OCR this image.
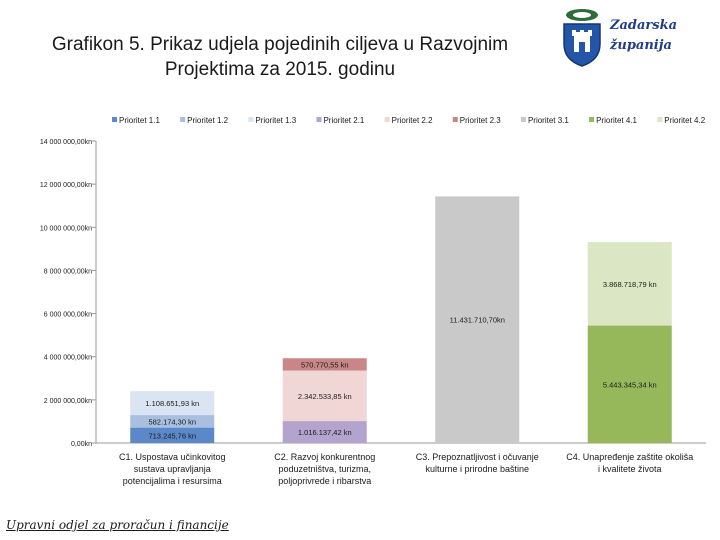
Grafikon 5. Prikaz udjela pojedinih ciljeva u Razvojnim
Projektima za 2015. godinu
Zadarska
županija
0,00kn
2 000 000,00kn
4 000 000,00kn
6 000 000,00kn
8 000 000,00kn
10 000 000,00kn
12 000 000,00kn
14 000 000,00kn
Prioritet 1.1	Prioritet 1.2	Prioritet 1.3	Prioritet 2.1	Prioritet 2.2	Prioritet 2.3	Prioritet 3.1	Prioritet 4.1	Prioritet 4.2
713.245,76 kn
582.174,30 kn
1.108.651,93 kn
1.016.137,42 kn
2.342.533,85 kn
570.770,55 kn
11.431.710,70kn
5.443.345,34 kn
3.868.718,79 kn
C1. Uspostava učinkovitog
sustava upravljanja
potencijalima i resursima
C2. Razvoj konkurentnog
poduzetništva, turizma,
poljoprivrede i ribarstva
C3. Prepoznatljivost i očuvanje
kulturne i prirodne baštine
C4. Unapređenje zaštite okoliša
i kvalitete života
Upravni odjel za proračun i financije
